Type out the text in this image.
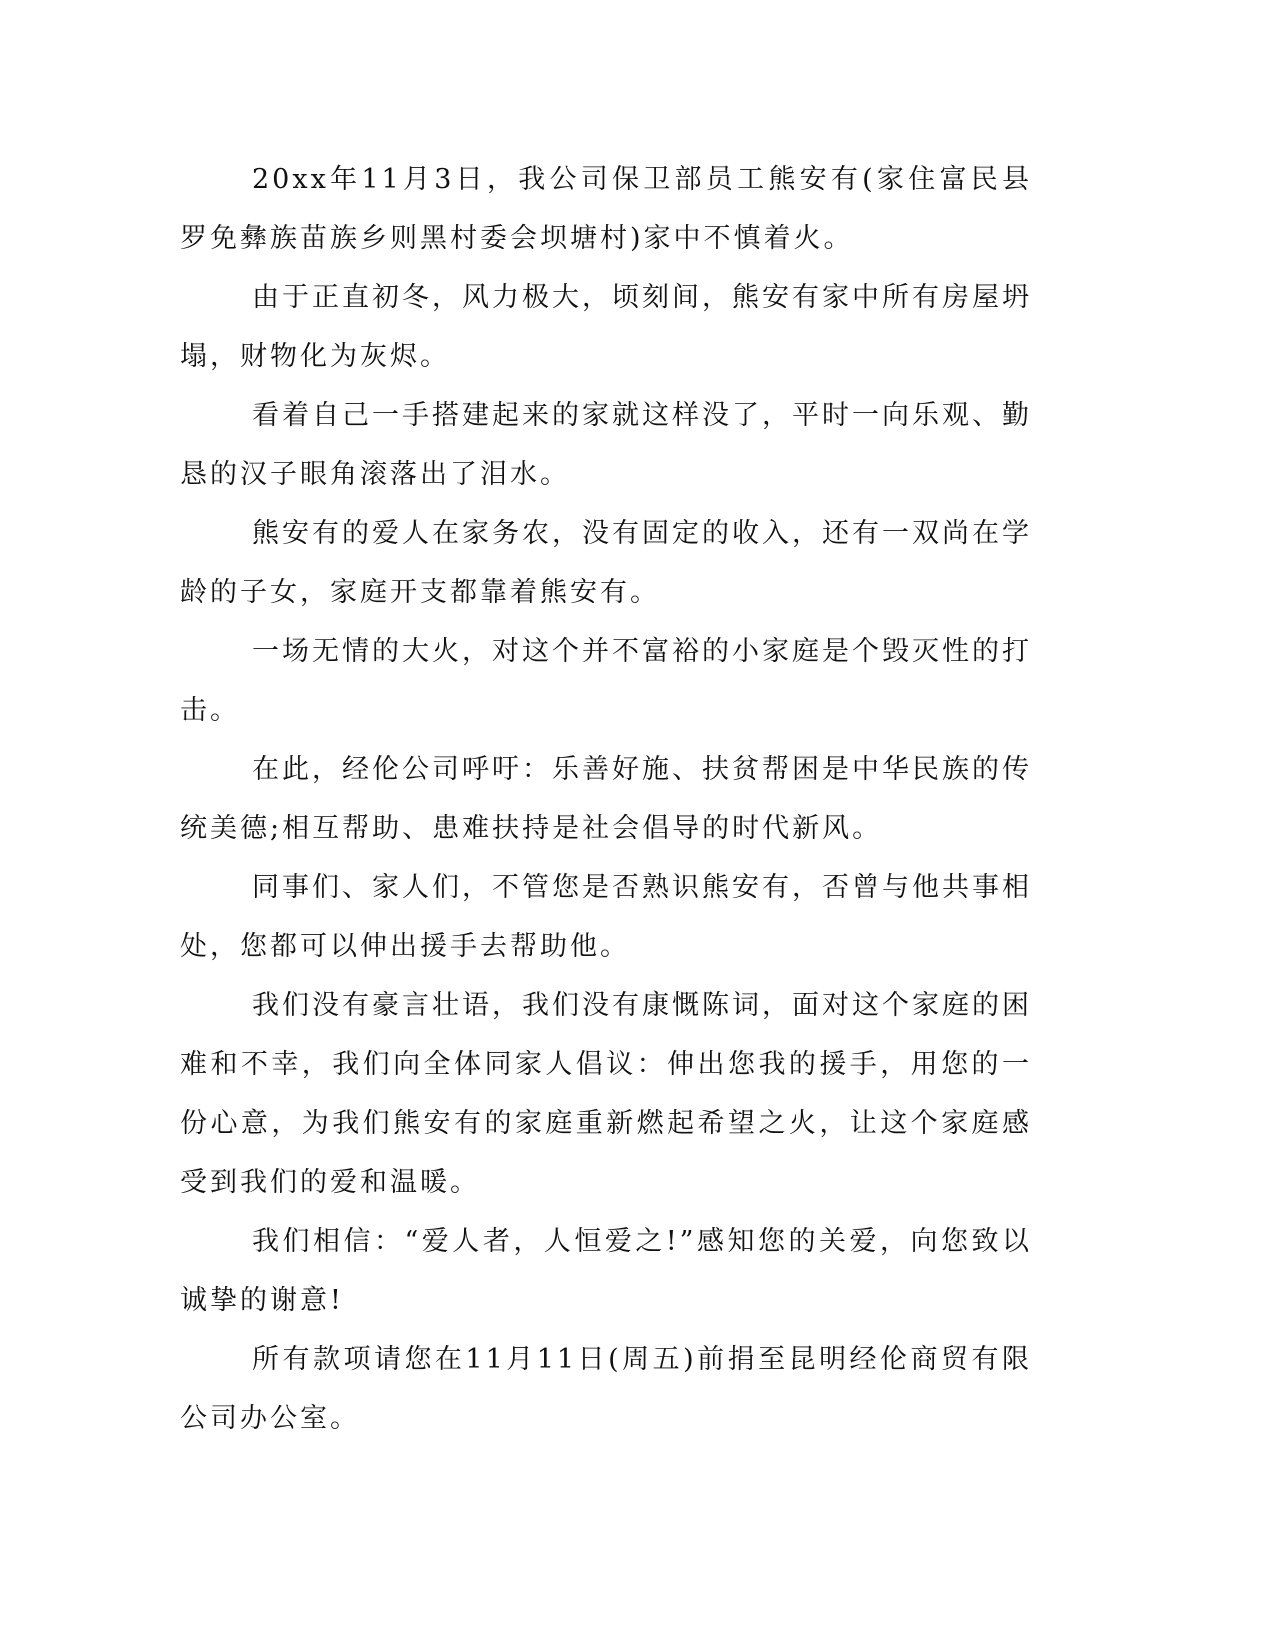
20xx年11月3日，我公司保卫部员工熊安有(家住富民县罗免彝族苗族乡则黑村委会坝塘村)家中不慎着火。

由于正直初冬，风力极大，顷刻间，熊安有家中所有房屋坍塌，财物化为灰烬。

看着自己一手搭建起来的家就这样没了，平时一向乐观、勤恳的汉子眼角滚落出了泪水。

熊安有的爱人在家务农，没有固定的收入，还有一双尚在学龄的子女，家庭开支都靠着熊安有。

一场无情的大火，对这个并不富裕的小家庭是个毁灭性的打击。

在此，经伦公司呼吁：乐善好施、扶贫帮困是中华民族的传统美德;相互帮助、患难扶持是社会倡导的时代新风。

同事们、家人们，不管您是否熟识熊安有，否曾与他共事相处，您都可以伸出援手去帮助他。

我们没有豪言壮语，我们没有康慨陈词，面对这个家庭的困难和不幸，我们向全体同家人倡议：伸出您我的援手，用您的一份心意，为我们熊安有的家庭重新燃起希望之火，让这个家庭感受到我们的爱和温暖。

我们相信：“爱人者，人恒爱之!”感知您的关爱，向您致以诚挚的谢意!

所有款项请您在11月11日(周五)前捐至昆明经伦商贸有限公司办公室。
